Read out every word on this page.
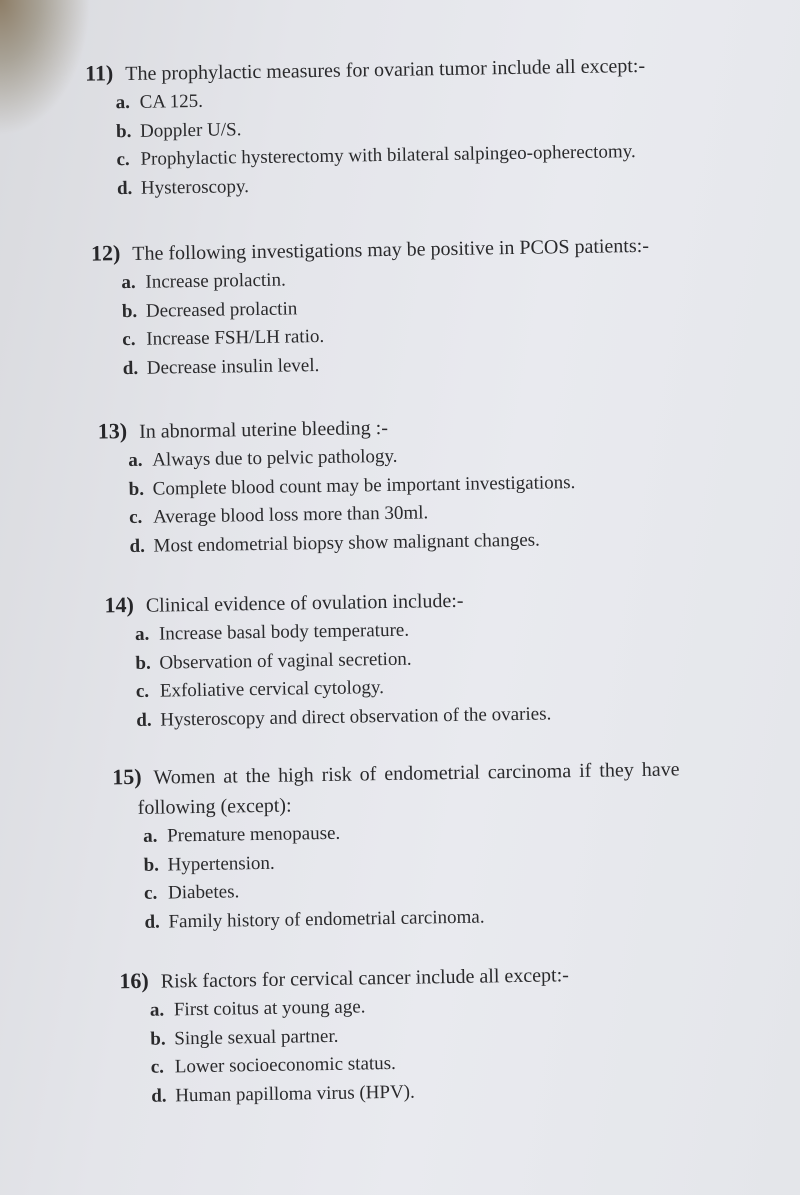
11) The prophylactic measures for ovarian tumor include all except:-
a. CA 125.
b. Doppler U/S.
c. Prophylactic hysterectomy with bilateral salpingeo-opherectomy.
d. Hysteroscopy.
12) The following investigations may be positive in PCOS patients:-
a. Increase prolactin.
b. Decreased prolactin
c. Increase FSH/LH ratio.
d. Decrease insulin level.
13) In abnormal uterine bleeding :-
a. Always due to pelvic pathology.
b. Complete blood count may be important investigations.
c. Average blood loss more than 30ml.
d. Most endometrial biopsy show malignant changes.
14) Clinical evidence of ovulation include:-
a. Increase basal body temperature.
b. Observation of vaginal secretion.
c. Exfoliative cervical cytology.
d. Hysteroscopy and direct observation of the ovaries.
15) Women at the high risk of endometrial carcinoma if they have
following (except):
a. Premature menopause.
b. Hypertension.
c. Diabetes.
d. Family history of endometrial carcinoma.
16) Risk factors for cervical cancer include all except:-
a. First coitus at young age.
b. Single sexual partner.
c. Lower socioeconomic status.
d. Human papilloma virus (HPV).
